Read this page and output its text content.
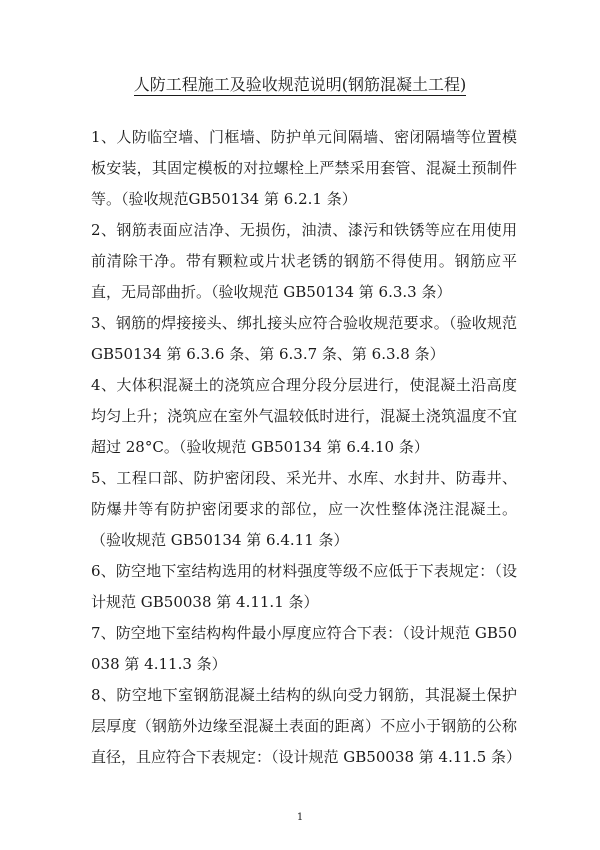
人防工程施工及验收规范说明(钢筋混凝土工程)

1、人防临空墙、门框墙、防护单元间隔墙、密闭隔墙等位置模板安装，其固定模板的对拉螺栓上严禁采用套管、混凝土预制件等。（验收规范GB50134 第 6.2.1 条）

2、钢筋表面应洁净、无损伤，油渍、漆污和铁锈等应在用使用前清除干净。带有颗粒或片状老锈的钢筋不得使用。钢筋应平直，无局部曲折。（验收规范 GB50134 第 6.3.3 条）

3、钢筋的焊接接头、绑扎接头应符合验收规范要求。（验收规范 GB50134 第 6.3.6 条、第 6.3.7 条、第 6.3.8 条）

4、大体积混凝土的浇筑应合理分段分层进行，使混凝土沿高度均匀上升；浇筑应在室外气温较低时进行，混凝土浇筑温度不宜超过 28°C。（验收规范 GB50134 第 6.4.10 条）

5、工程口部、防护密闭段、采光井、水库、水封井、防毒井、防爆井等有防护密闭要求的部位，应一次性整体浇注混凝土。（验收规范 GB50134 第 6.4.11 条）

6、防空地下室结构选用的材料强度等级不应低于下表规定：（设计规范 GB50038 第 4.11.1 条）

7、防空地下室结构构件最小厚度应符合下表：（设计规范 GB50038 第 4.11.3 条）

8、防空地下室钢筋混凝土结构的纵向受力钢筋，其混凝土保护层厚度（钢筋外边缘至混凝土表面的距离）不应小于钢筋的公称直径，且应符合下表规定：（设计规范 GB50038 第 4.11.5 条）

1
